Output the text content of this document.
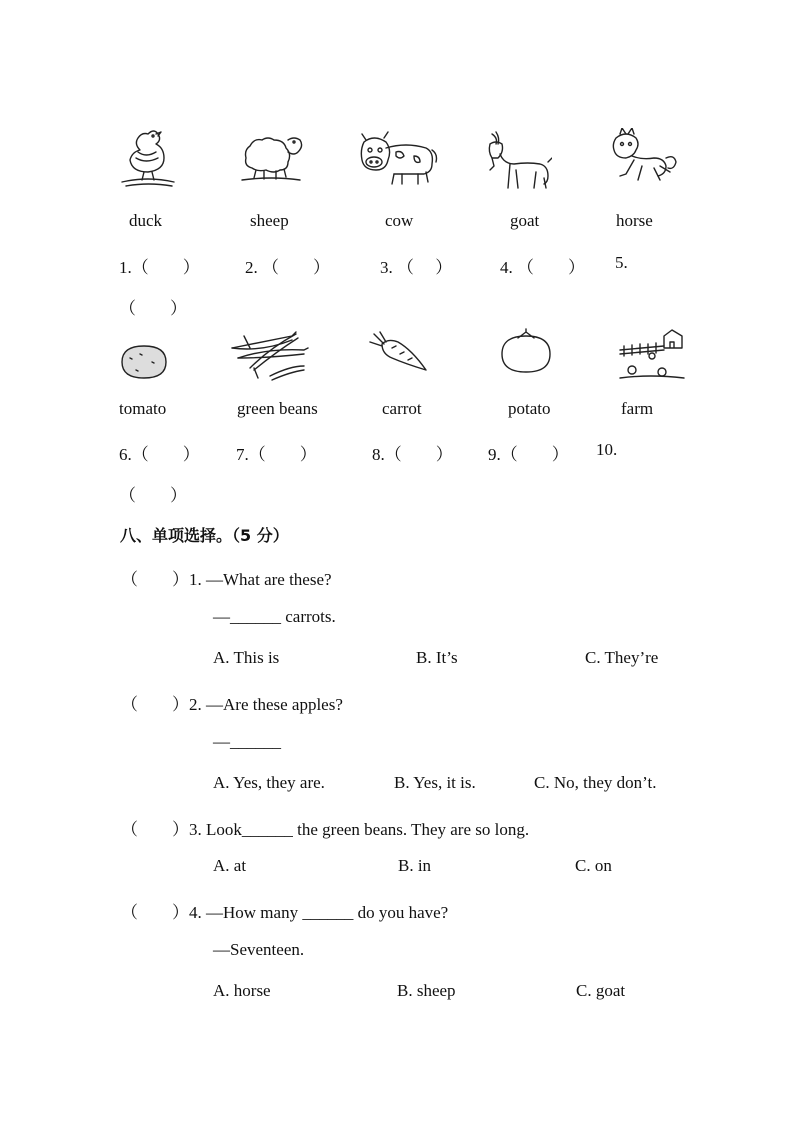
duck	sheep	cow	goat	horse
1.（　　）	2. （　　）	3. （　 ）	4. （　　） 5.
（　　）
tomato	green beans	carrot	potato	farm
6.（　　） 7.（　　）	8.（　　） 9.（　　） 10.
（　　）
八、单项选择。（5 分）
（　　）1. —What are these?
—______ carrots.
A. This is	B. It’s	C. They’re
（　　）2. —Are these apples?
—______
A. Yes, they are.	B. Yes, it is.	C. No, they don’t.
（　　）3. Look______ the green beans. They are so long.
A. at	B. in	C. on
（　　）4. —How many ______ do you have?
—Seventeen.
A. horse	B. sheep	C. goat
